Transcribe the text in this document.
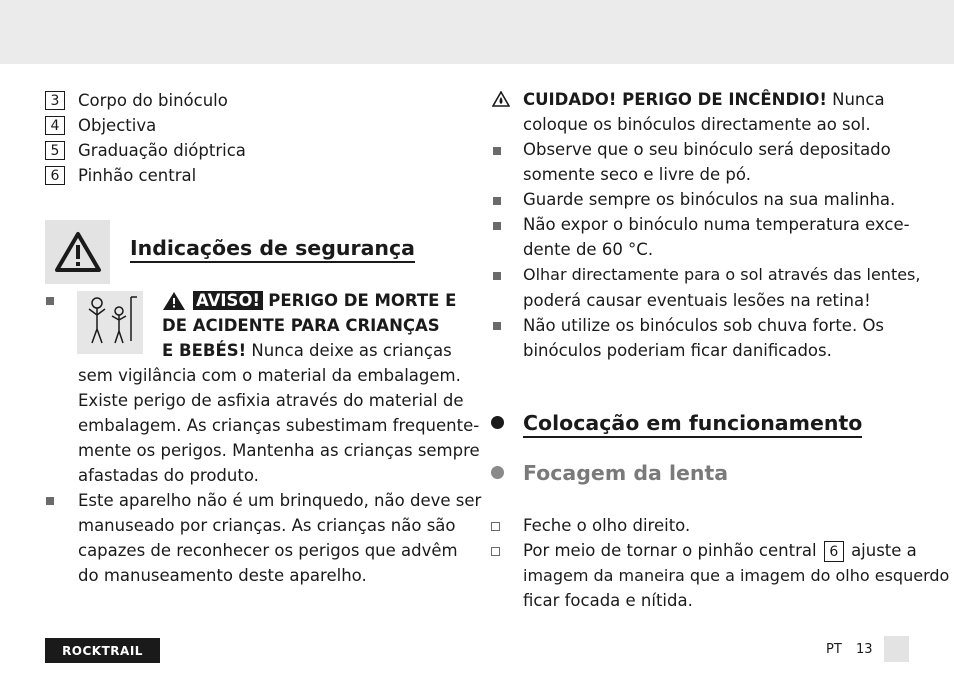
3	Corpo do binóculo
4	Objectiva
5	Graduação dióptrica
6	Pinhão central
Indicações de segurança
AVISO! PERIGO DE MORTE E
DE ACIDENTE PARA CRIANÇAS
E BEBÉS! Nunca deixe as crianças
sem vigilância com o material da embalagem.
Existe perigo de asfixia através do material de
embalagem. As crianças subestimam frequente-
mente os perigos. Mantenha as crianças sempre
afastadas do produto.
Este aparelho não é um brinquedo, não deve ser
manuseado por crianças. As crianças não são
capazes de reconhecer os perigos que advêm
do manuseamento deste aparelho.
CUIDADO! PERIGO DE INCÊNDIO! Nunca
coloque os binóculos directamente ao sol.
Observe que o seu binóculo será depositado
somente seco e livre de pó.
Guarde sempre os binóculos na sua malinha.
Não expor o binóculo numa temperatura exce-
dente de 60 °C.
Olhar directamente para o sol através das lentes,
poderá causar eventuais lesões na retina!
Não utilize os binóculos sob chuva forte. Os
binóculos poderiam ficar danificados.
Colocação em funcionamento
Focagem da lenta
Feche o olho direito.
Por meio de tornar o pinhão central 6 ajuste a
imagem da maneira que a imagem do olho esquerdo
ficar focada e nítida.
ROCKTRAIL	PT 13
